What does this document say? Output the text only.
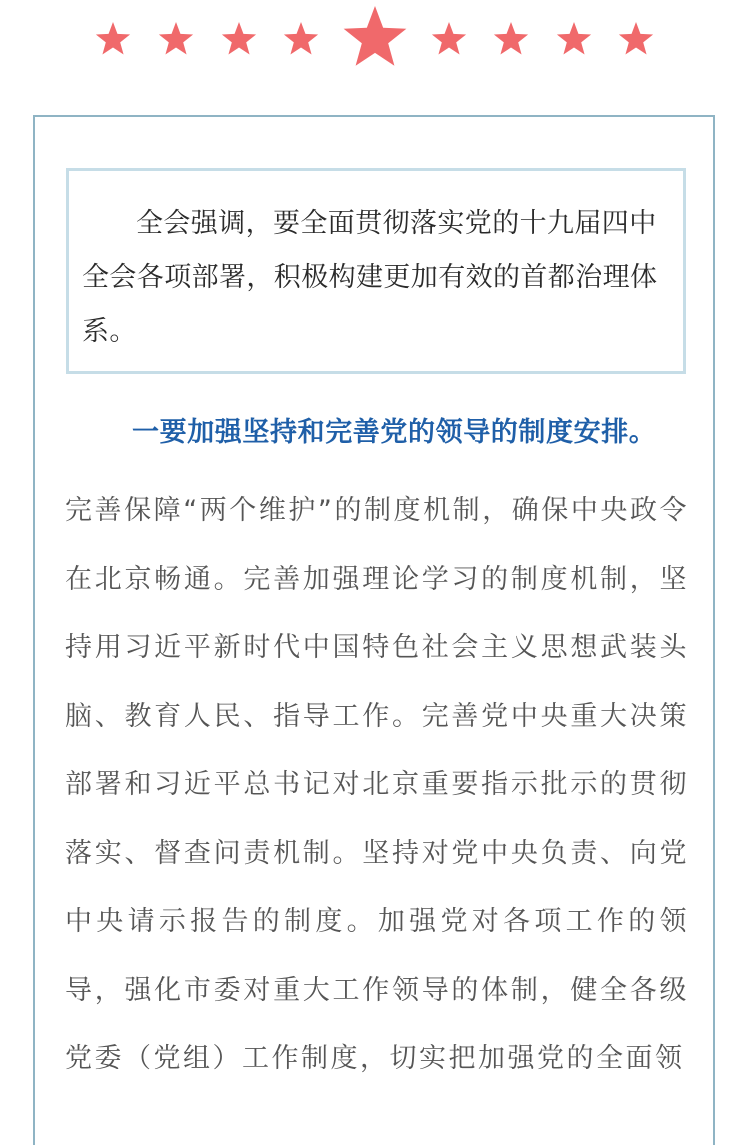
全会强调，要全面贯彻落实党的十九届四中全会各项部署，积极构建更加有效的首都治理体系。

一要加强坚持和完善党的领导的制度安排。

完善保障“两个维护”的制度机制，确保中央政令在北京畅通。完善加强理论学习的制度机制，坚持用习近平新时代中国特色社会主义思想武装头脑、教育人民、指导工作。完善党中央重大决策部署和习近平总书记对北京重要指示批示的贯彻落实、督查问责机制。坚持对党中央负责、向党中央请示报告的制度。加强党对各项工作的领导，强化市委对重大工作领导的体制，健全各级党委（党组）工作制度，切实把加强党的全面领
